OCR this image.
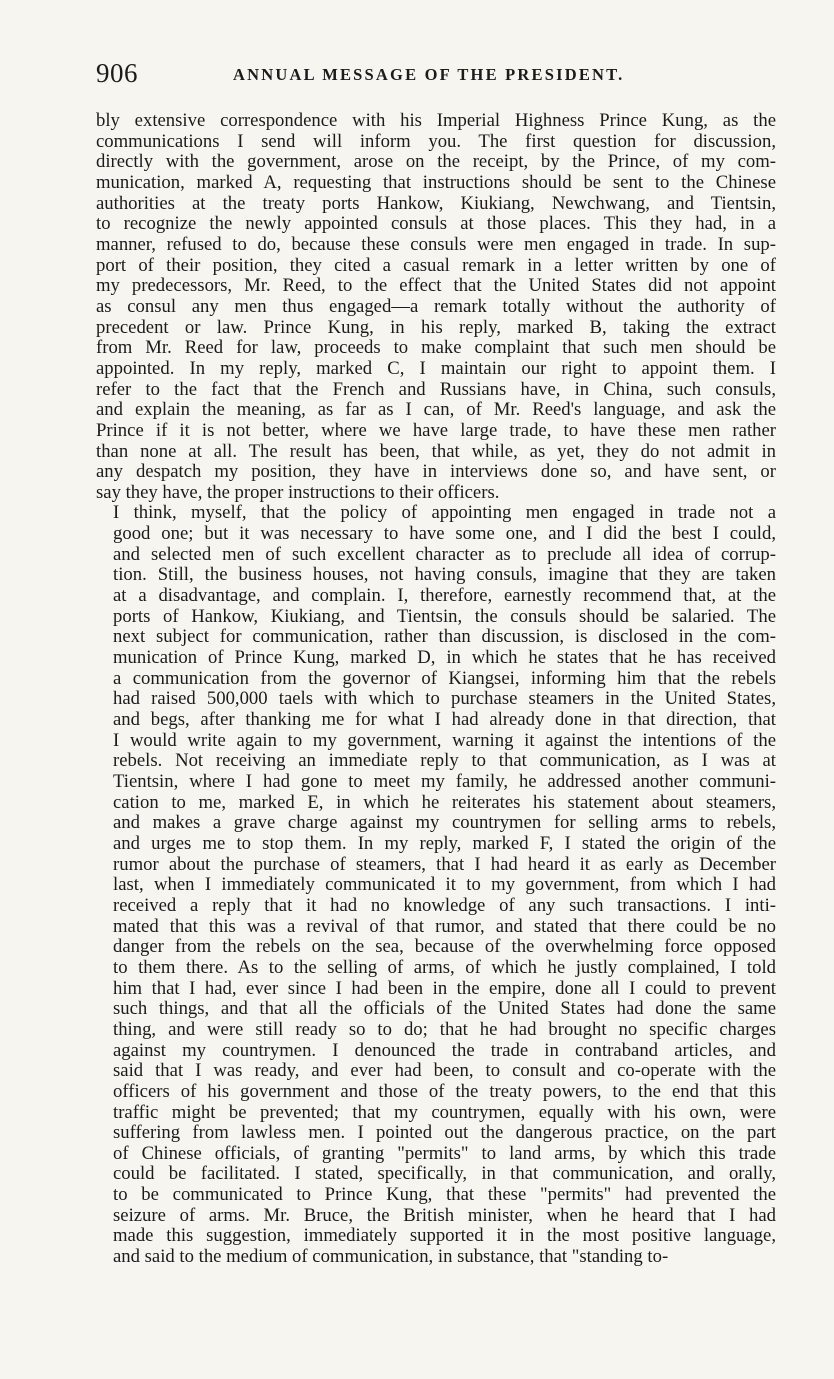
906	ANNUAL MESSAGE OF THE PRESIDENT.

bly extensive correspondence with his Imperial Highness Prince Kung, as the
communications I send will inform you. The first question for discussion,
directly with the government, arose on the receipt, by the Prince, of my com-
munication, marked A, requesting that instructions should be sent to the Chinese
authorities at the treaty ports Hankow, Kiukiang, Newchwang, and Tientsin,
to recognize the newly appointed consuls at those places. This they had, in a
manner, refused to do, because these consuls were men engaged in trade. In sup-
port of their position, they cited a casual remark in a letter written by one of
my predecessors, Mr. Reed, to the effect that the United States did not appoint
as consul any men thus engaged—a remark totally without the authority of
precedent or law. Prince Kung, in his reply, marked B, taking the extract
from Mr. Reed for law, proceeds to make complaint that such men should be
appointed. In my reply, marked C, I maintain our right to appoint them. I
refer to the fact that the French and Russians have, in China, such consuls,
and explain the meaning, as far as I can, of Mr. Reed's language, and ask the
Prince if it is not better, where we have large trade, to have these men rather
than none at all. The result has been, that while, as yet, they do not admit in
any despatch my position, they have in interviews done so, and have sent, or
say they have, the proper instructions to their officers.

I think, myself, that the policy of appointing men engaged in trade not a
good one; but it was necessary to have some one, and I did the best I could,
and selected men of such excellent character as to preclude all idea of corrup-
tion. Still, the business houses, not having consuls, imagine that they are taken
at a disadvantage, and complain. I, therefore, earnestly recommend that, at the
ports of Hankow, Kiukiang, and Tientsin, the consuls should be salaried. The
next subject for communication, rather than discussion, is disclosed in the com-
munication of Prince Kung, marked D, in which he states that he has received
a communication from the governor of Kiangsei, informing him that the rebels
had raised 500,000 taels with which to purchase steamers in the United States,
and begs, after thanking me for what I had already done in that direction, that
I would write again to my government, warning it against the intentions of the
rebels. Not receiving an immediate reply to that communication, as I was at
Tientsin, where I had gone to meet my family, he addressed another communi-
cation to me, marked E, in which he reiterates his statement about steamers,
and makes a grave charge against my countrymen for selling arms to rebels,
and urges me to stop them. In my reply, marked F, I stated the origin of the
rumor about the purchase of steamers, that I had heard it as early as December
last, when I immediately communicated it to my government, from which I had
received a reply that it had no knowledge of any such transactions. I inti-
mated that this was a revival of that rumor, and stated that there could be no
danger from the rebels on the sea, because of the overwhelming force opposed
to them there. As to the selling of arms, of which he justly complained, I told
him that I had, ever since I had been in the empire, done all I could to prevent
such things, and that all the officials of the United States had done the same
thing, and were still ready so to do; that he had brought no specific charges
against my countrymen. I denounced the trade in contraband articles, and
said that I was ready, and ever had been, to consult and co-operate with the
officers of his government and those of the treaty powers, to the end that this
traffic might be prevented; that my countrymen, equally with his own, were
suffering from lawless men. I pointed out the dangerous practice, on the part
of Chinese officials, of granting "permits" to land arms, by which this trade
could be facilitated. I stated, specifically, in that communication, and orally,
to be communicated to Prince Kung, that these "permits" had prevented the
seizure of arms. Mr. Bruce, the British minister, when he heard that I had
made this suggestion, immediately supported it in the most positive language,
and said to the medium of communication, in substance, that "standing to-
